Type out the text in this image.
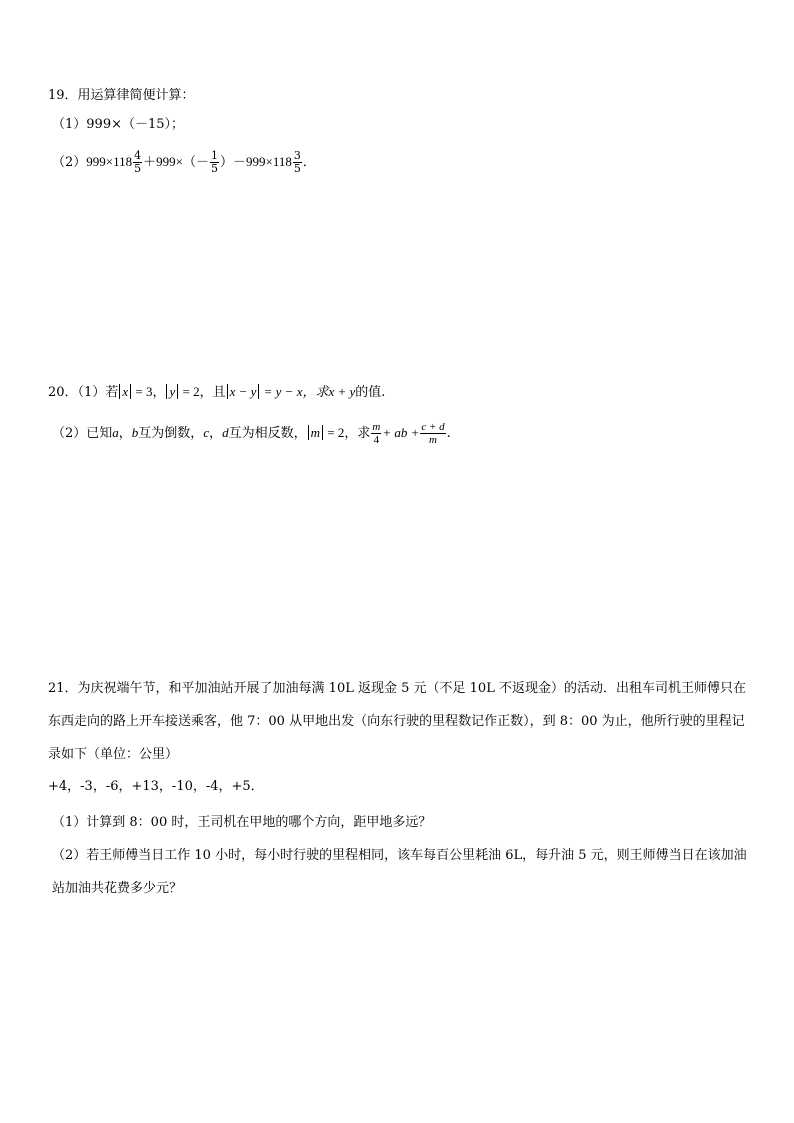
19．用运算律简便计算：
（1）999×（－15）；
$(2)999\times 118 \frac{4}{5} +999\times(- \frac{1}{5} )-999\times 118 \frac{3}{5}$ ．
20．（1）若 x = 3， y = 2，且 x − y = y − x，求x + y的值.
（2）已知a，b互为倒数，c，d互为相反数， m = 2，求 $\frac{m}{4}$ + ab + $\frac{c + d}{m}$ .
21．为庆祝端午节，和平加油站开展了加油每满 10L 返现金 5 元（不足 10L 不返现金）的活动．出租车司机王师傅只在东西走向的路上开车接送乘客，他 7：00 从甲地出发（向东行驶的里程数记作正数），到 8：00 为止，他所行驶的里程记录如下（单位：公里）
+4，-3，-6，+13，-10，-4，+5．
（1）计算到 8：00 时，王司机在甲地的哪个方向，距甲地多远？
（2）若王师傅当日工作 10 小时，每小时行驶的里程相同，该车每百公里耗油 6L，每升油 5 元，则王师傅当日在该加油站加油共花费多少元？
